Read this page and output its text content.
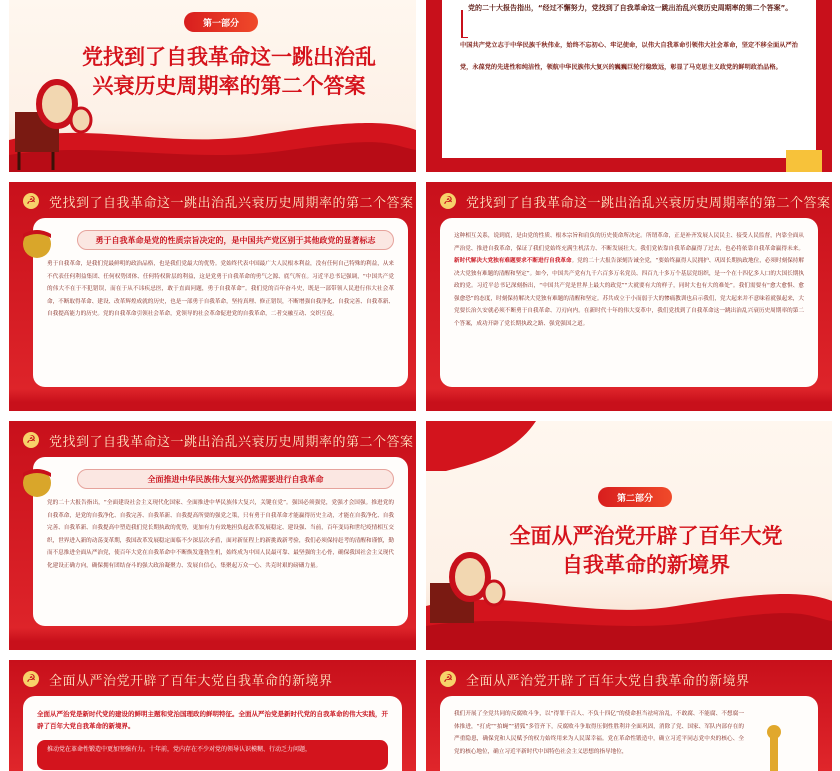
第一部分
党找到了自我革命这一跳出治乱
兴衰历史周期率的第二个答案
党的二十大报告指出，“经过不懈努力，党找到了自我革命这一跳出治乱兴衰历史周期率的第二个答案”。
中国共产党立志于中华民族千秋伟业，始终不忘初心、牢记使命，以伟大自我革命引领伟大社会革命，坚定不移全面从严治党，永葆党的先进性和纯洁性，领航中华民族伟大复兴的巍巍巨轮行稳致远，彰显了马克思主义政党的鲜明政治品格。
☭ 党找到了自我革命这一跳出治乱兴衰历史周期率的第二个答案
勇于自我革命是党的性质宗旨决定的，是中国共产党区别于其他政党的显著标志
勇于自我革命，是我们党最鲜明的政治品格，也是我们党最大的优势。党始终代表中国最广大人民根本利益，没有任何自己特殊的利益，从来不代表任何利益集团、任何权势团体、任何特权阶层的利益，这是党勇于自我革命的勇气之源、底气所在。习近平总书记强调，“中国共产党的伟大不在于不犯错误，而在于从不讳疾忌医，敢于直面问题，勇于自我革命”。我们党的百年奋斗史，既是一部带领人民进行伟大社会革命，不断取得革命、建设、改革辉煌成就的历史，也是一部勇于自我革命，坚持真理、修正错误，不断增强自我净化、自我完善、自我革新、自我提高能力的历史。党的自我革命引领社会革命，党领导的社会革命促进党的自我革命，二者交融互动、交织互促。
☭ 党找到了自我革命这一跳出治乱兴衰历史周期率的第二个答案
这种相互关系，说到底，是由党的性质、根本宗旨和肩负的历史使命所决定。所谓革命，正是补齐发展人民民主、接受人民监督，内靠全面从严治党、推进自我革命，保证了我们党始终充满生机活力、不断发展壮大。我们党依靠自我革命赢得了过去，也必将依靠自我革命赢得未来。新时代解决大党独有难题要求不断进行自我革命。党的二十大报告深刻告诫全党，“要始终赢得人民拥护、巩固长期执政地位，必须时刻保持解决大党独有难题的清醒和坚定”。如今，中国共产党有九千六百多万名党员、四百九十多万个基层党组织，是一个在十四亿多人口的大国长期执政的党。习近平总书记深刻指出，“中国共产党是世界上最大的政党”“大就要有大的样子，同时大也有大的难处”。我们需要有“愈大愈惧、愈强愈恐”的态度，时刻保持解决大党独有难题的清醒和坚定。苏共成立于小而弱于大的惨痛教训也启示我们，党大起来并不意味着就强起来，大党要长治久安就必须不断勇于自我革命、刀刃向内。在新时代十年的伟大变革中，我们党找到了自我革命这一跳出治乱兴衰历史周期率的第二个答案，成功开辟了党长期执政之路、强党强国之道。
☭ 党找到了自我革命这一跳出治乱兴衰历史周期率的第二个答案
全面推进中华民族伟大复兴仍然需要进行自我革命
党的二十大报告指出，“全面建设社会主义现代化国家、全面推进中华民族伟大复兴，关键在党”。强国必须强党，党强才会国强。推进党的自我革命，是党的自我净化、自我完善、自我革新、自我提高所要的强党之策，只有勇于自我革命才能赢得历史主动，才能在自我净化、自我完善、自我革新、自我提高中塑造我们党长期执政的优势，更加有力有效地担负起改革发展稳定、建设强、当前，百年变局和世纪疫情相互交织，世界进入新的动荡变革期，我国改革发展稳定面临不少深层次矛盾，面对新征程上的新挑战新考验，我们必须保持赶考的清醒和谨慎，勤而不息推进全面从严治党，使百年大党在自我革命中不断焕发蓬勃生机，始终成为中国人民最可靠、最坚强的主心骨，确保我国社会主义现代化建设正确方向，确保拥有团结奋斗的强大政治凝聚力、发展自信心，集聚起万众一心、共克时艰的磅礴力量。
第二部分
全面从严治党开辟了百年大党
自我革命的新境界
☭ 全面从严治党开辟了百年大党自我革命的新境界
全面从严治党是新时代党的建设的鲜明主题和党治国理政的鲜明特征。全面从严治党是新时代党的自我革命的伟大实践，开辟了百年大党自我革命的新境界。
推动党在革命性锻造中更加坚强有力。十年前，党内存在不少对党的领导认识模糊、行动乏力问题，
☭ 全面从严治党开辟了百年大党自我革命的新境界
我们开展了全党共同的反腐败斗争，以“得罪千百人、不负十四亿”的使命担当祛疴治乱，不敢腐、不能腐、不想腐一体推进，“打虎”“拍蝇”“猎狐”多管齐下，反腐败斗争取得压倒性胜利并全面巩固，消除了党、国家、军队内部存在的严重隐患，确保党和人民赋予的权力始终用来为人民谋幸福。党在革命性锻造中，确立习近平同志党中央的核心、全党的核心地位，确立习近平新时代中国特色社会主义思想的指导地位，
